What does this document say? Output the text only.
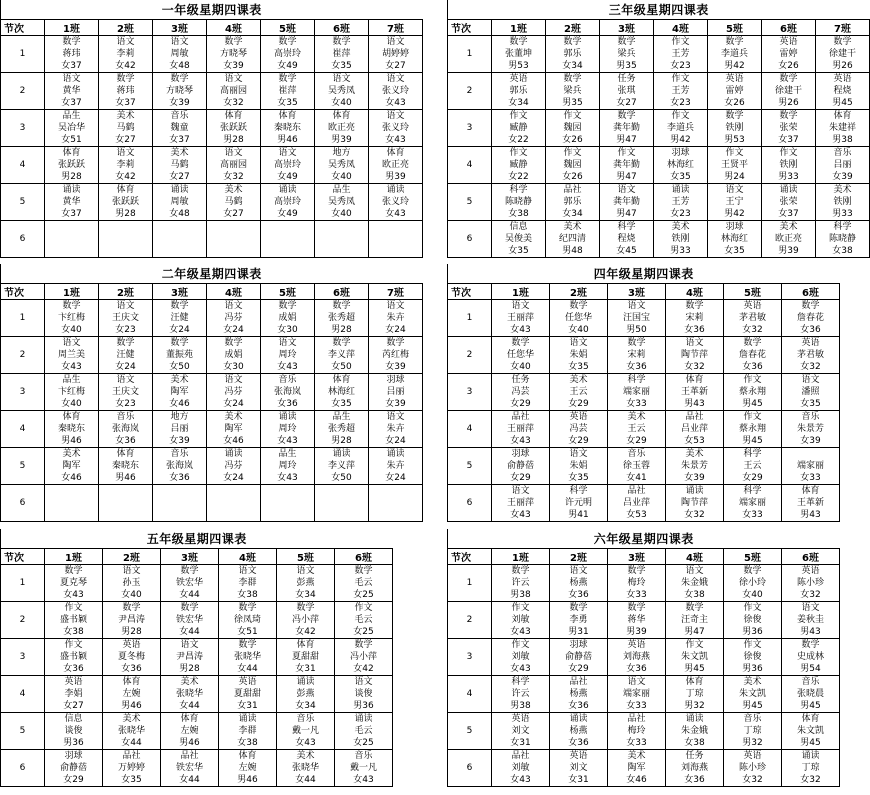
一年级星期四课表							
节次	1班	2班	3班	4班	5班	6班	7班
1	数学	语文	语文	数学	数学	数学	语文
	蒋玮	李莉	周敏	方晓琴	高崇玲	崔萍	胡婷婷
	女37	女42	女48	女39	女49	女35	女27
2	语文	数学	数学	语文	数学	语文	语文
	黄华	蒋玮	方晓琴	高丽园	崔萍	吴秀凤	张义玲
	女37	女37	女39	女32	女35	女40	女43
3	品生	美术	音乐	体育	体育	体育	语文
	吴冶华	马鹤	魏童	张跃跃	秦晓东	欧正亮	张义玲
	女51	女27	女37	男28	男46	男39	女43
4	体育	语文	美术	语文	语文	地方	体育
	张跃跃	李莉	马鹤	高丽园	高崇玲	吴秀凤	欧正亮
	男28	女42	女27	女32	女49	女40	男39
5	诵读	体育	诵读	美术	诵读	品生	诵读
	黄华	张跃跃	周敏	马鹤	高崇玲	吴秀凤	张义玲
	女37	男28	女48	女27	女49	女40	女43
6							

三年级星期四课表							
节次	1班	2班	3班	4班	5班	6班	7班
1	数学	数学	数学	作文	数学	英语	数学
	张董坤	郭乐	梁兵	王芳	李道兵	雷婷	徐建干
	男53	女34	男35	女23	男42	女26	男26
2	英语	数学	任务	作文	英语	数学	英语
	郭乐	梁兵	张琪	王芳	雷婷	徐建干	程烧
	女34	男35	女27	女23	女26	男26	男45
3	作文	作文	数学	作文	数学	数学	体育
	臧静	魏园	龚年勤	李道兵	铁刚	张荣	朱建祥
	女22	女26	男47	男42	男53	女37	男38
4	作文	作文	作文	羽球	作文	作文	音乐
	臧静	魏园	龚年勤	林海红	王贤平	铁刚	吕丽
	女22	女26	男47	女35	男24	男33	女39
5	科学	品社	语文	诵读	语文	诵读	美术
	陈晓静	郭乐	龚年勤	王芳	王宁	张荣	铁刚
	女38	女34	男47	女23	男42	女37	男33
6	信息	美术	科学	美术	羽球	美术	科学
	吴俊美	纪四清	程烧	铁刚	林海红	欧正亮	陈晓静
	女35	男48	女45	男33	女35	男39	女38
二年级星期四课表							
节次	1班	2班	3班	4班	5班	6班	7班
1	数学	语文	数学	语文	数学	数学	语文
	卞红梅	王庆文	汪健	冯芬	成娟	张秀超	朱卉
	女40	女23	女24	女24	女30	男28	女24
2	语文	数学	数学	数学	语文	数学	数学
	周兰美	汪健	董振苑	成娟	周玲	李义萍	芮红梅
	女43	女24	女50	女30	女43	女50	女39
3	品生	语文	美术	语文	音乐	体育	羽球
	卞红梅	王庆文	陶军	冯芬	张海岚	林海红	吕丽
	女40	女23	女46	女24	女36	女35	女39
4	体育	音乐	地方	美术	诵读	品生	语文
	秦晓东	张海岚	吕丽	陶军	周玲	张秀超	朱卉
	男46	女36	女39	女46	女43	男28	女24
5	美术	体育	音乐	诵读	品生	诵读	诵读
	陶军	秦晓东	张海岚	冯芬	周玲	李义萍	朱卉
	女46	男46	女36	女24	女43	女50	女24
6							

四年级星期四课表						
节次	1班	2班	3班	4班	5班	6班
1	语文	数学	语文	数学	英语	数学
	王丽萍	任您华	汪国宝	宋莉	茅君敏	詹春花
	女43	女40	男50	女36	女32	女36
2	数学	语文	数学	语文	数学	英语
	任您华	朱娟	宋莉	陶节萍	詹春花	茅君敏
	女40	女35	女36	女32	女36	女32
3	任务	美术	科学	体育	作文	语文
	冯芸	王云	端家丽	王革新	蔡永翔	潘照
	女29	女29	女33	男43	男45	女35
4	品社	英语	美术	品社	作文	音乐
	王丽萍	冯芸	王云	吕业萍	蔡永翔	朱景芳
	女43	女29	女29	女53	男45	女39
5	羽球	语文	音乐	美术	科学	
	俞静蓓	朱娟	徐玉蓉	朱景芳	王云	端家丽
	女29	女35	女41	女39	女29	女33
6	语文	科学	品社	诵读	科学	体育
	王丽萍	许元明	吕业萍	陶节萍	端家丽	王革新
	女43	男41	女53	女32	女33	男43
五年级星期四课表						
节次	1班	2班	3班	4班	5班	6班
1	数学	语文	数学	语文	语文	数学
	夏克琴	孙玉	铁宏华	李群	彭燕	毛云
	女43	女40	女44	女38	女34	女25
2	作文	数学	数学	数学	数学	作文
	盛书颖	尹昌涛	铁宏华	徐凤琦	冯小萍	毛云
	女38	男28	女44	女51	女42	女25
3	作文	英语	语文	数学	体育	数学
	盛书颖	夏冬梅	尹昌涛	张晓华	夏甜甜	冯小萍
	女36	女36	男28	女44	女31	女42
4	英语	体育	美术	英语	诵读	语文
	李娟	左婉	张晓华	夏甜甜	彭燕	谈俊
	女27	男46	女44	女31	女34	男36
5	信息	美术	体育	诵读	音乐	诵读
	谈俊	张晓华	左婉	李群	戴一凡	毛云
	男36	女44	男46	女38	女43	女25
6	羽球	品社	品社	体育	美术	音乐
	俞静蓓	万婷婷	铁宏华	左婉	张晓华	戴一凡
	女29	女35	女44	男46	女44	女43
六年级星期四课表						
节次	1班	2班	3班	4班	5班	6班
1	数学	语文	数学	语文	数学	英语
	许云	杨燕	梅玲	朱金娥	徐小玲	陈小珍
	男38	女36	女33	女38	女40	女32
2	作文	数学	数学	数学	作文	语文
	刘敏	李勇	蒋华	汪奇主	徐俊	姜秋圭
	女43	男31	男39	男47	男36	男43
3	作文	羽球	英语	作文	作文	数学
	刘敏	俞静蓓	刘海燕	朱文凯	徐俊	史成林
	女43	女29	女36	男45	男36	男54
4	科学	品社	语文	体育	美术	音乐
	许云	杨燕	端家丽	丁琼	朱文凯	张晓晨
	男38	女36	女33	男32	男45	男45
5	英语	诵读	品社	诵读	音乐	体育
	刘文	杨燕	梅玲	朱金娥	丁琼	朱文凯
	女31	女36	女33	女38	男32	男45
6	品社	英语	美术	任务	英语	诵读
	刘敏	刘文	陶军	刘海燕	陈小珍	丁琼
	女43	女31	女46	女36	女32	女32
